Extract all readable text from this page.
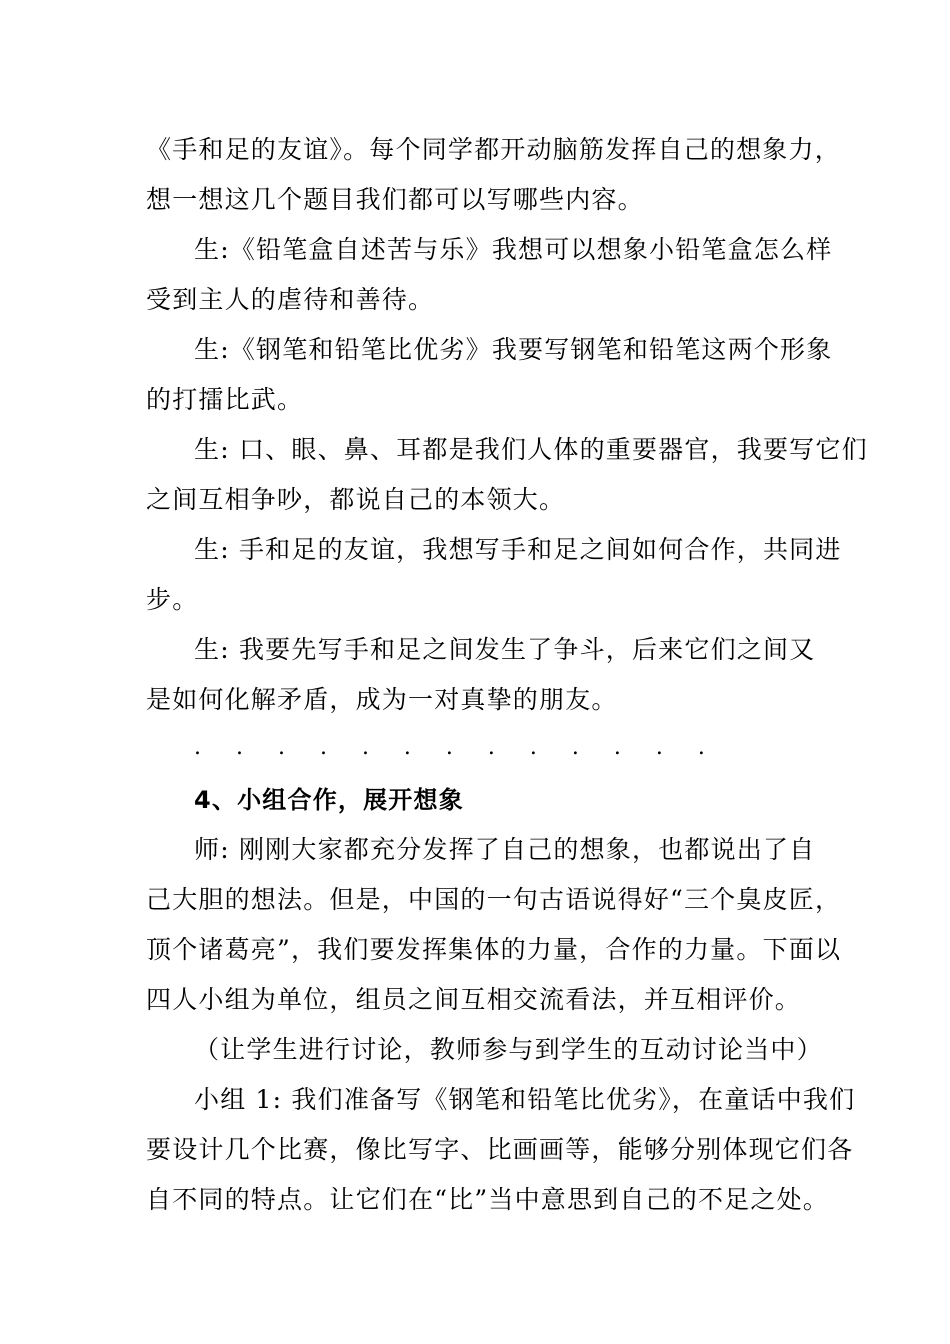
《手和足的友谊》。每个同学都开动脑筋发挥自己的想象力，
想一想这几个题目我们都可以写哪些内容。
生:《铅笔盒自述苦与乐》我想可以想象小铅笔盒怎么样
受到主人的虐待和善待。
生:《钢笔和铅笔比优劣》我要写钢笔和铅笔这两个形象
的打擂比武。
生: 口、眼、鼻、耳都是我们人体的重要器官，我要写它们
之间互相争吵，都说自己的本领大。
生: 手和足的友谊，我想写手和足之间如何合作，共同进
步。
生: 我要先写手和足之间发生了争斗，后来它们之间又
是如何化解矛盾，成为一对真挚的朋友。
. . . . . . . . . . . . .
4、小组合作，展开想象
师: 刚刚大家都充分发挥了自己的想象，也都说出了自
己大胆的想法。但是，中国的一句古语说得好“三个臭皮匠，
顶个诸葛亮”，我们要发挥集体的力量，合作的力量。下面以
四人小组为单位，组员之间互相交流看法，并互相评价。
（让学生进行讨论，教师参与到学生的互动讨论当中）
小组 1: 我们准备写《钢笔和铅笔比优劣》，在童话中我们
要设计几个比赛，像比写字、比画画等，能够分别体现它们各
自不同的特点。让它们在“比”当中意思到自己的不足之处。
